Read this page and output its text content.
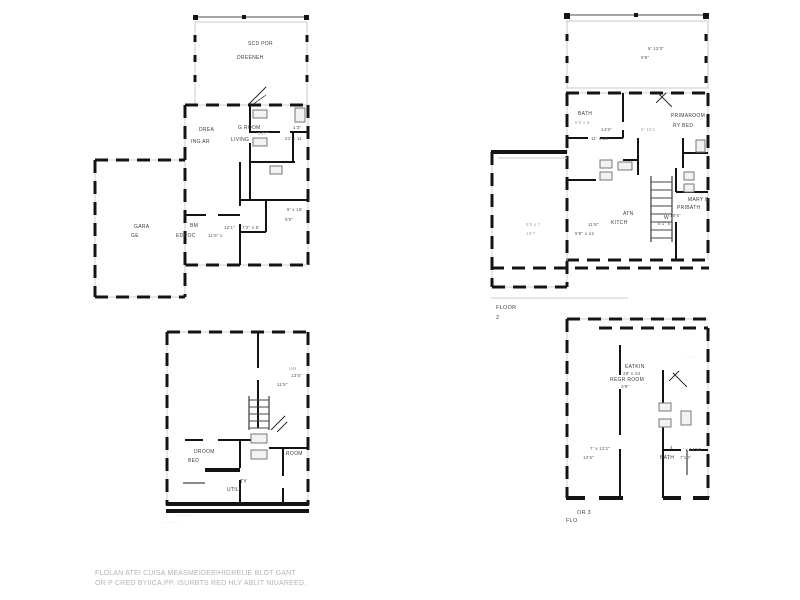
SCD POR
DREENEH
DREA
ING AR
G ROOM
LIVING
14'7"
1'3"
21' x 11
8' x 16'
9'0"
12'1" 7'2" x 5'
BM
EDROC	11'8" x
GARA
GE
8' 12'3"
9'6"
BATH
8'0 x 5'
PRIMAROOM
RY BED
14'6"
11' x 15
8' 15'1
MARY B
PRIBATH
ATN
KITCH
W 10'6"
6'1" x
11'8"
9'8" x 12
9'2 x 7
14'7
FLOOR
2
UM
13'5"
11'5"
DROOM
BED
ROOM
TY
UTILI
······· ··
···· ···
EATKIN
29' x 23
REGR ROOM
3'9"
·· ··
7' x 12'1"
12'5"
4 ' x 14'10
BATH 7'10"
OR 3
FLO
FLOLAN ATEI CUISA MEASMEIDEEIHIGRELIE BLOT GANT
OR P CRED BYIICA.PP. ISURBTS RED HLY ABLIT NIUAREED.
